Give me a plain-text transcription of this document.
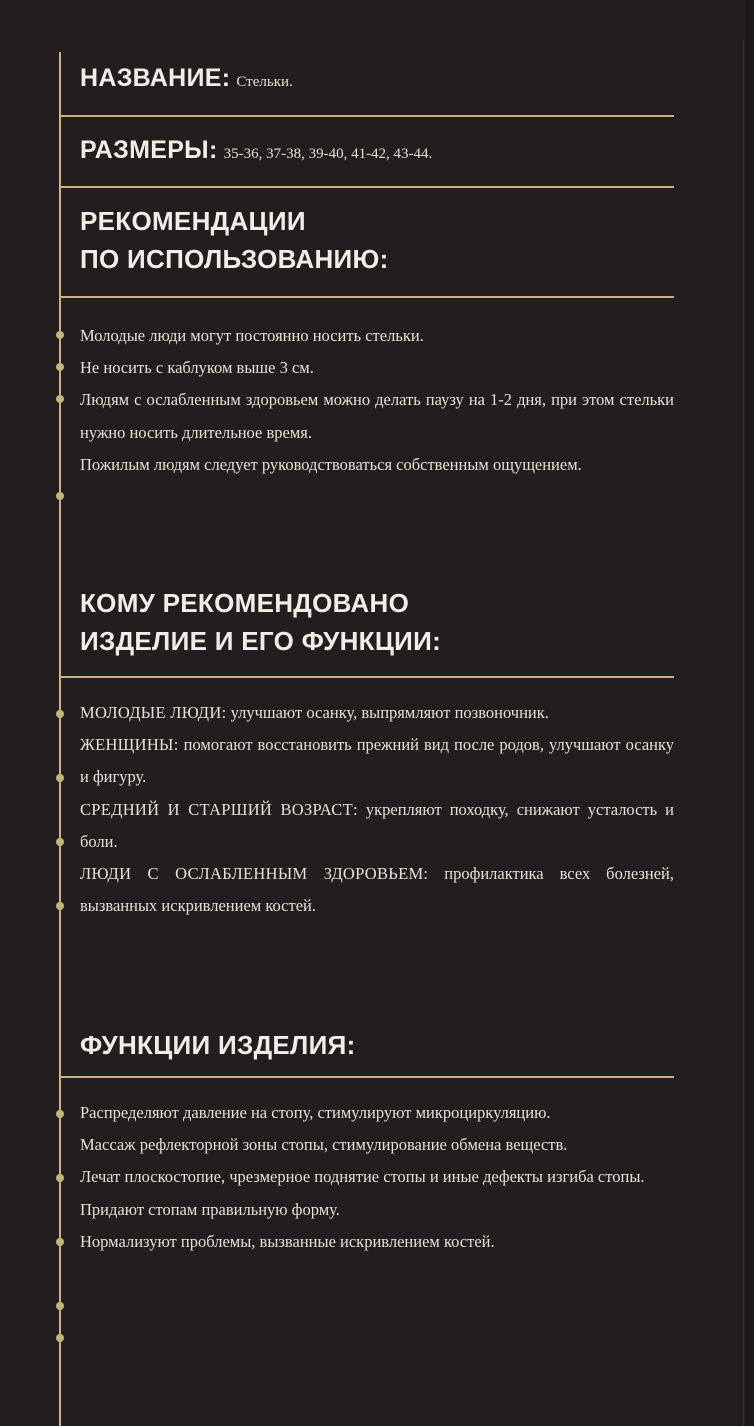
НАЗВАНИЕ: Стельки.
РАЗМЕРЫ: 35-36, 37-38, 39-40, 41-42, 43-44.
РЕКОМЕНДАЦИИ
ПО ИСПОЛЬЗОВАНИЮ:
Молодые люди могут постоянно носить стельки.
Не носить с каблуком выше 3 см.
Людям с ослабленным здоровьем можно делать паузу на 1-2 дня, при этом стельки нужно носить длительное время.
Пожилым людям следует руководствоваться собственным ощущением.
КОМУ РЕКОМЕНДОВАНО
ИЗДЕЛИЕ И ЕГО ФУНКЦИИ:
МОЛОДЫЕ ЛЮДИ: улучшают осанку, выпрямляют позвоночник.
ЖЕНЩИНЫ: помогают восстановить прежний вид после родов, улучшают осанку и фигуру.
СРЕДНИЙ И СТАРШИЙ ВОЗРАСТ: укрепляют походку, снижают усталость и боли.
ЛЮДИ С ОСЛАБЛЕННЫМ ЗДОРОВЬЕМ: профилактика всех болезней, вызванных искривлением костей.
ФУНКЦИИ ИЗДЕЛИЯ:
Распределяют давление на стопу, стимулируют микроциркуляцию.
Массаж рефлекторной зоны стопы, стимулирование обмена веществ.
Лечат плоскостопие, чрезмерное поднятие стопы и иные дефекты изгиба стопы.
Придают стопам правильную форму.
Нормализуют проблемы, вызванные искривлением костей.
